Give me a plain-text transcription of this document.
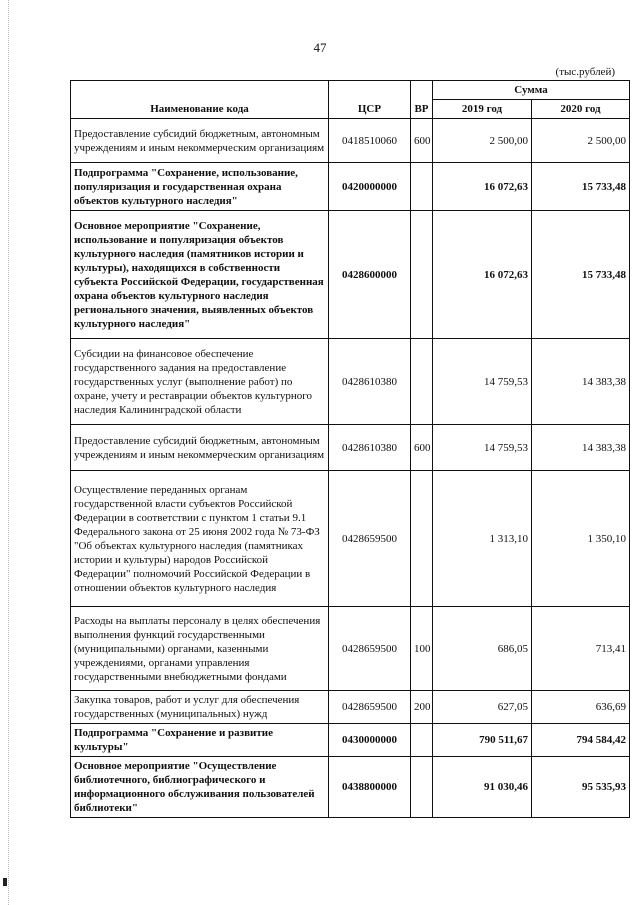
47
(тыс.рублей)
Наименование кода	ЦСР	ВР	Сумма	
			2019 год	2020 год
Предоставление субсидий бюджетным, автономным учреждениям и иным некоммерческим организациям	0418510060	600	2 500,00	2 500,00
Подпрограмма "Сохранение, использование, популяризация и государственная охрана объектов культурного наследия"	0420000000		16 072,63	15 733,48
Основное мероприятие "Сохранение, использование и популяризация объектов культурного наследия (памятников истории и культуры), находящихся в собственности субъекта Российской Федерации, государственная охрана объектов культурного наследия регионального значения, выявленных объектов культурного наследия"	0428600000		16 072,63	15 733,48
Субсидии на финансовое обеспечение государственного задания на предоставление государственных услуг (выполнение работ) по охране, учету и реставрации объектов культурного наследия Калининградской области	0428610380		14 759,53	14 383,38
Предоставление субсидий бюджетным, автономным учреждениям и иным некоммерческим организациям	0428610380	600	14 759,53	14 383,38
Осуществление переданных органам государственной власти субъектов Российской Федерации в соответствии с пунктом 1 статьи 9.1 Федерального закона от 25 июня 2002 года № 73-ФЗ "Об объектах культурного наследия (памятниках истории и культуры) народов Российской Федерации" полномочий Российской Федерации в отношении объектов культурного наследия	0428659500		1 313,10	1 350,10
Расходы на выплаты персоналу в целях обеспечения выполнения функций государственными (муниципальными) органами, казенными учреждениями, органами управления государственными внебюджетными фондами	0428659500	100	686,05	713,41
Закупка товаров, работ и услуг для обеспечения государственных (муниципальных) нужд	0428659500	200	627,05	636,69
Подпрограмма "Сохранение и развитие культуры"	0430000000		790 511,67	794 584,42
Основное мероприятие "Осуществление библиотечного, библиографического и информационного обслуживания пользователей библиотеки"	0438800000		91 030,46	95 535,93
